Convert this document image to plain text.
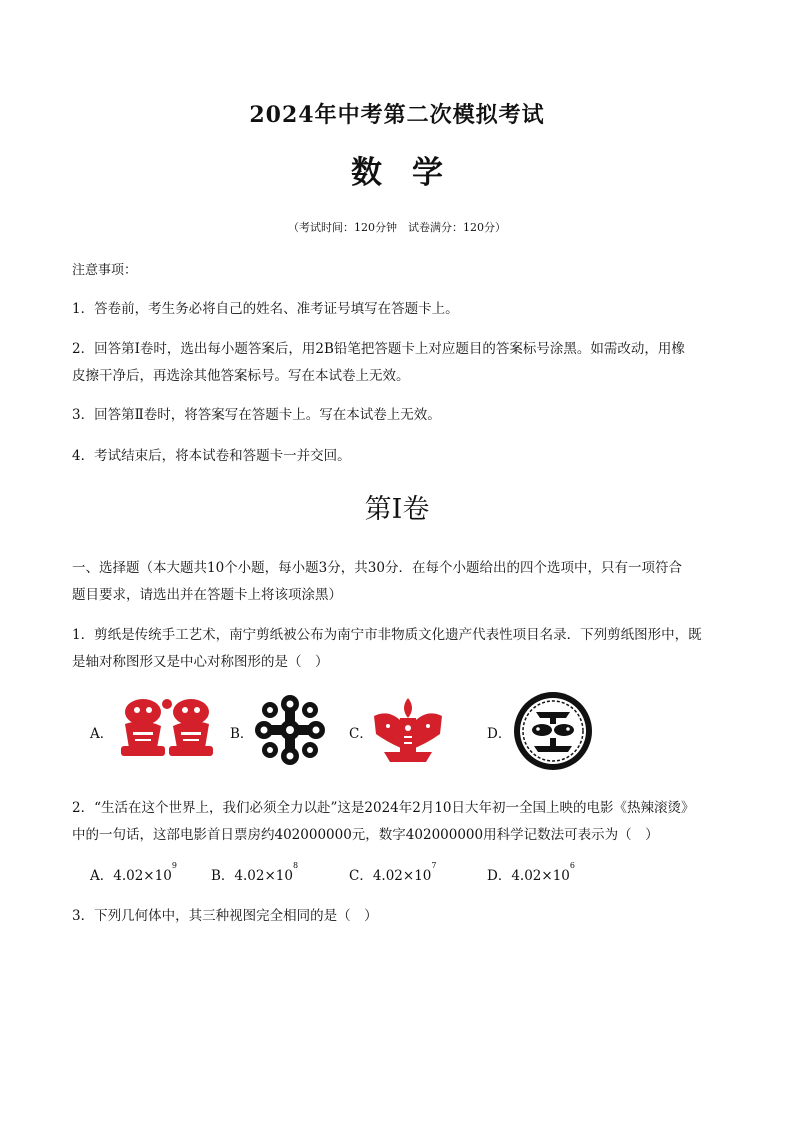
2024年中考第二次模拟考试
数学
（考试时间：120分钟　试卷满分：120分）
注意事项：
1．答卷前，考生务必将自己的姓名、准考证号填写在答题卡上。
2．回答第Ⅰ卷时，选出每小题答案后，用2B铅笔把答题卡上对应题目的答案标号涂黑。如需改动，用橡
皮擦干净后，再选涂其他答案标号。写在本试卷上无效。
3．回答第Ⅱ卷时，将答案写在答题卡上。写在本试卷上无效。
4．考试结束后，将本试卷和答题卡一并交回。
第Ⅰ卷
一、选择题（本大题共10个小题，每小题3分，共30分．在每个小题给出的四个选项中，只有一项符合
题目要求，请选出并在答题卡上将该项涂黑）
1．剪纸是传统手工艺术，南宁剪纸被公布为南宁市非物质文化遗产代表性项目名录．下列剪纸图形中，既
是轴对称图形又是中心对称图形的是（　）
A．	B．	C．	D．
2．“生活在这个世界上，我们必须全力以赴”这是2024年2月10日大年初一全国上映的电影《热辣滚烫》
中的一句话，这部电影首日票房约402000000元，数字402000000用科学记数法可表示为（　）
A．$4.02\times 10^9$
B．$4.02\times 10^8$
C．$4.02\times 10^7$
D．$4.02\times 10^6$
3．下列几何体中，其三种视图完全相同的是（　）
